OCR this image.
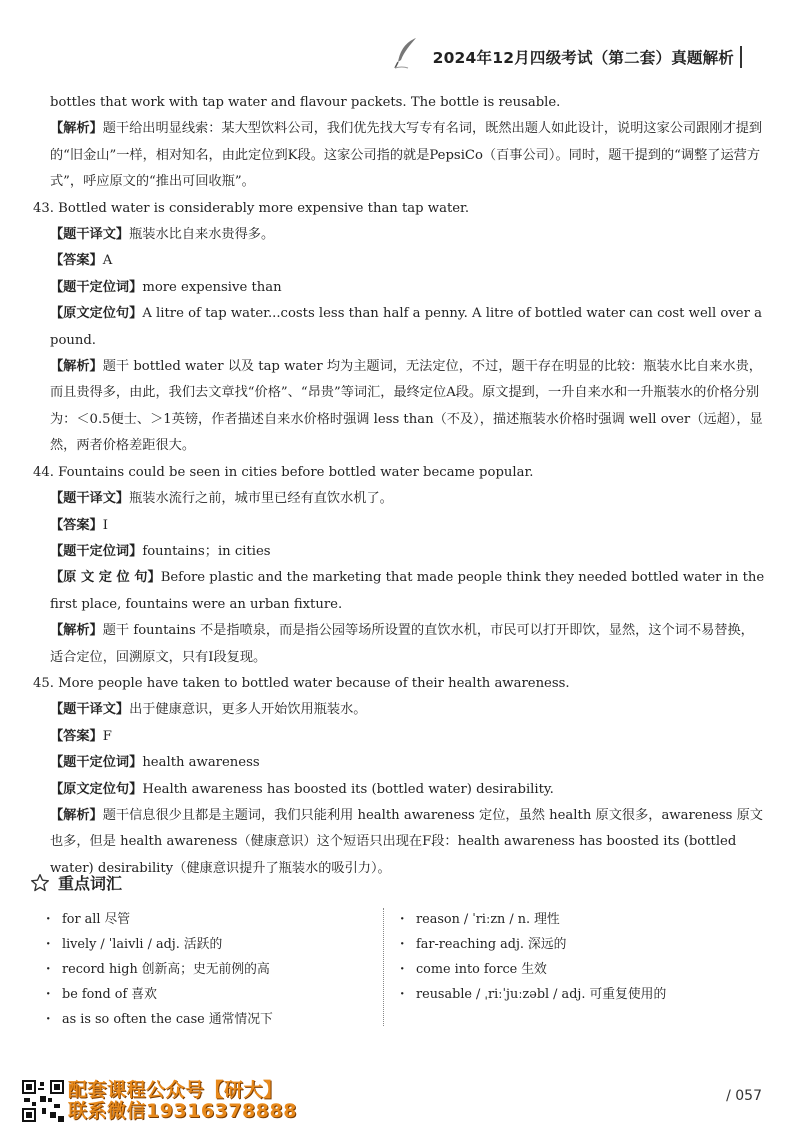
2024年12月四级考试（第二套）真题解析

bottles that work with tap water and flavour packets. The bottle is reusable.

【解析】题干给出明显线索：某大型饮料公司，我们优先找大写专有名词，既然出题人如此设计，说明这家公司跟刚才提到的“旧金山”一样，相对知名，由此定位到K段。这家公司指的就是PepsiCo（百事公司）。同时，题干提到的“调整了运营方式”，呼应原文的“推出可回收瓶”。

43. Bottled water is considerably more expensive than tap water.

【题干译文】瓶装水比自来水贵得多。

【答案】A

【题干定位词】more expensive than

【原文定位句】A litre of tap water...costs less than half a penny. A litre of bottled water can cost well over a pound.

【解析】题干 bottled water 以及 tap water 均为主题词，无法定位，不过，题干存在明显的比较：瓶装水比自来水贵，而且贵得多，由此，我们去文章找“价格”、“昂贵”等词汇，最终定位A段。原文提到，一升自来水和一升瓶装水的价格分别为：＜0.5便士、＞1英镑，作者描述自来水价格时强调 less than（不及），描述瓶装水价格时强调 well over（远超），显然，两者价格差距很大。

44. Fountains could be seen in cities before bottled water became popular.

【题干译文】瓶装水流行之前，城市里已经有直饮水机了。

【答案】I

【题干定位词】fountains；in cities

【原 文 定 位 句】Before plastic and the marketing that made people think they needed bottled water in the first place, fountains were an urban fixture.

【解析】题干 fountains 不是指喷泉，而是指公园等场所设置的直饮水机，市民可以打开即饮，显然，这个词不易替换，适合定位，回溯原文，只有I段复现。

45. More people have taken to bottled water because of their health awareness.

【题干译文】出于健康意识，更多人开始饮用瓶装水。

【答案】F

【题干定位词】health awareness

【原文定位句】Health awareness has boosted its (bottled water) desirability.

【解析】题干信息很少且都是主题词，我们只能利用 health awareness 定位，虽然 health 原文很多，awareness 原文也多，但是 health awareness（健康意识）这个短语只出现在F段：health awareness has boosted its (bottled water) desirability（健康意识提升了瓶装水的吸引力）。

重点词汇
· for all 尽管
· lively / ˈlaivli / adj. 活跃的
· record high 创新高；史无前例的高
· be fond of 喜欢
· as is so often the case 通常情况下
· reason / ˈriːzn / n. 理性
· far-reaching adj. 深远的
· come into force 生效
· reusable / ˌriːˈjuːzəbl / adj. 可重复使用的
配套课程公众号【研大】
联系微信19316378888
/ 057
